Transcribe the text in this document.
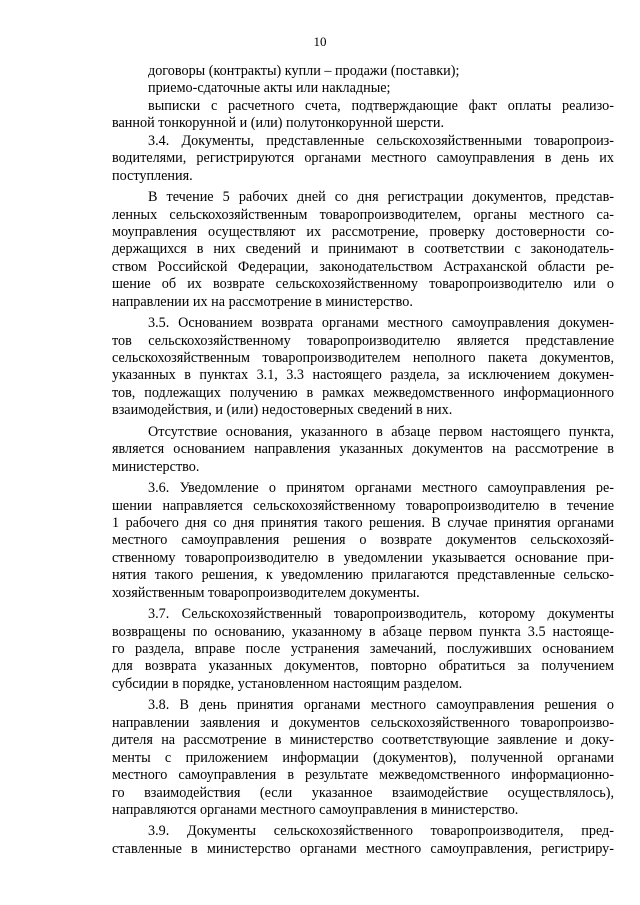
10
договоры (контракты) купли – продажи (поставки);
приемо-сдаточные акты или накладные;
выписки с расчетного счета, подтверждающие факт оплаты реализо-
ванной тонкорунной и (или) полутонкорунной шерсти.
3.4. Документы, представленные сельскохозяйственными товаропроиз-
водителями, регистрируются органами местного самоуправления в день их
поступления.
В течение 5 рабочих дней со дня регистрации документов, представ-
ленных сельскохозяйственным товаропроизводителем, органы местного са-
моуправления осуществляют их рассмотрение, проверку достоверности со-
держащихся в них сведений и принимают в соответствии с законодатель-
ством Российской Федерации, законодательством Астраханской области ре-
шение об их возврате сельскохозяйственному товаропроизводителю или о
направлении их на рассмотрение в министерство.
3.5. Основанием возврата органами местного самоуправления докумен-
тов сельскохозяйственному товаропроизводителю является представление
сельскохозяйственным товаропроизводителем неполного пакета документов,
указанных в пунктах 3.1, 3.3 настоящего раздела, за исключением докумен-
тов, подлежащих получению в рамках межведомственного информационного
взаимодействия, и (или) недостоверных сведений в них.
Отсутствие основания, указанного в абзаце первом настоящего пункта,
является основанием направления указанных документов на рассмотрение в
министерство.
3.6. Уведомление о принятом органами местного самоуправления ре-
шении направляется сельскохозяйственному товаропроизводителю в течение
1 рабочего дня со дня принятия такого решения. В случае принятия органами
местного самоуправления решения о возврате документов сельскохозяй-
ственному товаропроизводителю в уведомлении указывается основание при-
нятия такого решения, к уведомлению прилагаются представленные сельско-
хозяйственным товаропроизводителем документы.
3.7. Сельскохозяйственный товаропроизводитель, которому документы
возвращены по основанию, указанному в абзаце первом пункта 3.5 настояще-
го раздела, вправе после устранения замечаний, послуживших основанием
для возврата указанных документов, повторно обратиться за получением
субсидии в порядке, установленном настоящим разделом.
3.8. В день принятия органами местного самоуправления решения о
направлении заявления и документов сельскохозяйственного товаропроизво-
дителя на рассмотрение в министерство соответствующие заявление и доку-
менты с приложением информации (документов), полученной органами
местного самоуправления в результате межведомственного информационно-
го взаимодействия (если указанное взаимодействие осуществлялось),
направляются органами местного самоуправления в министерство.
3.9. Документы сельскохозяйственного товаропроизводителя, пред-
ставленные в министерство органами местного самоуправления, регистриру-
